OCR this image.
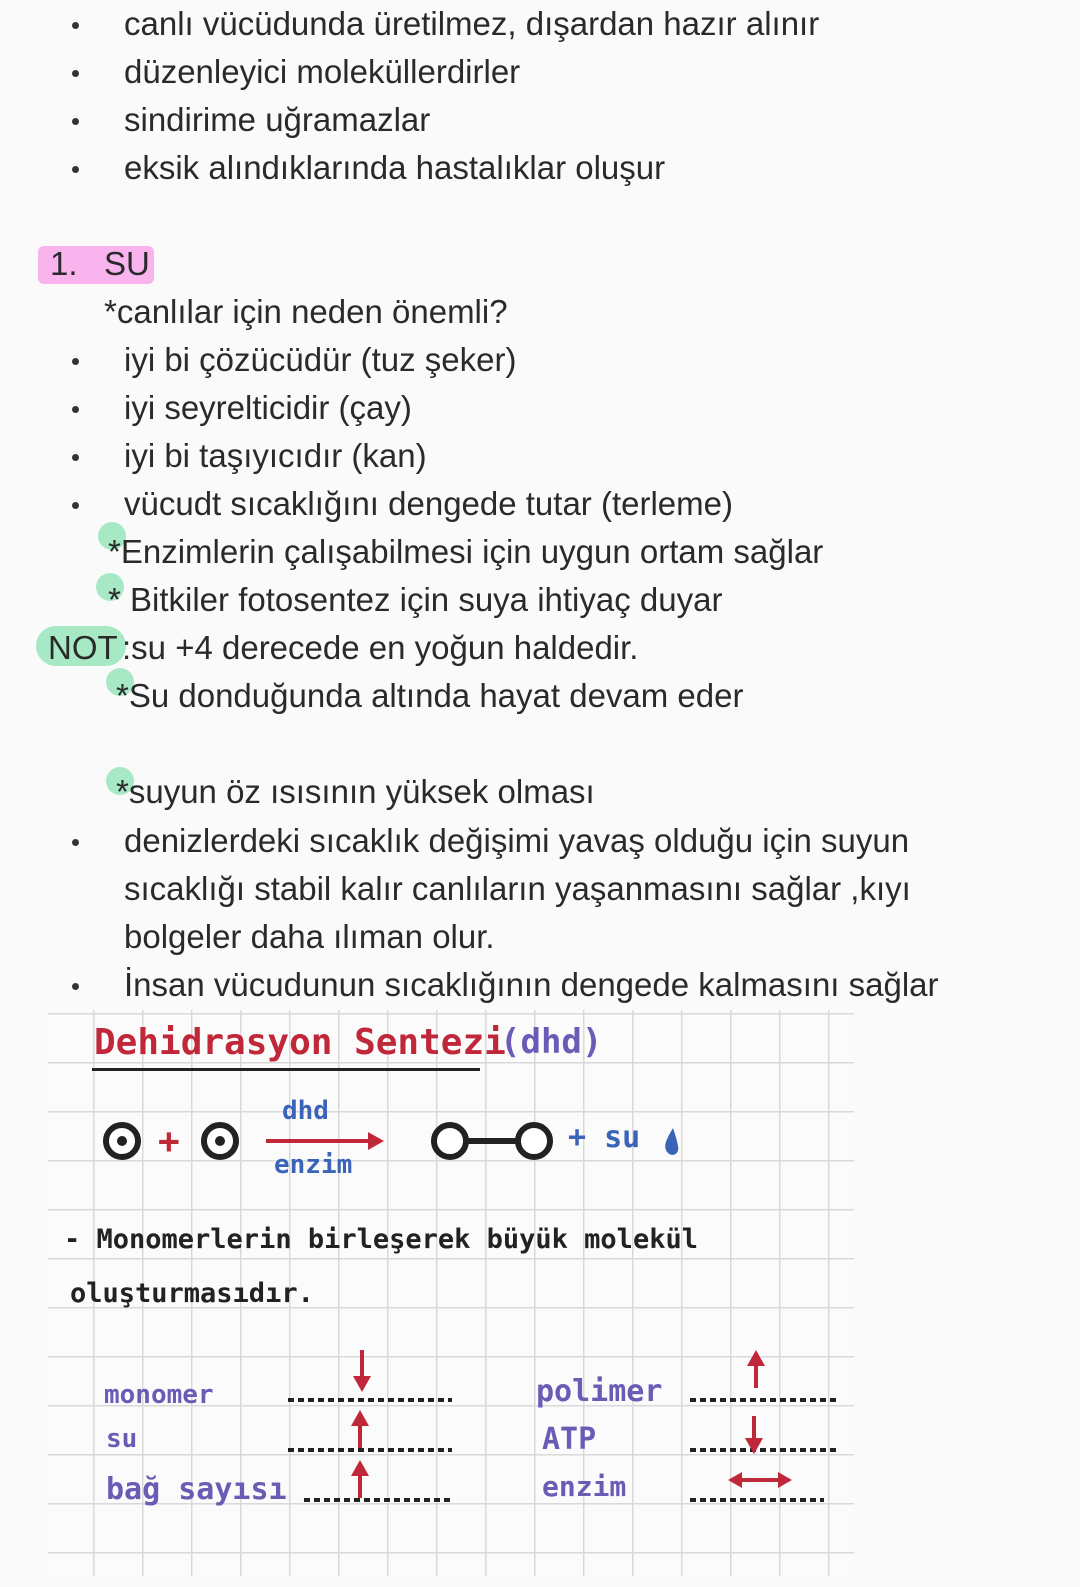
canlı vücüdunda üretilmez, dışardan hazır alınır
düzenleyici moleküllerdirler
sindirime uğramazlar
eksik alındıklarında hastalıklar oluşur
1. SU
*canlılar için neden önemli?
iyi bi çözücüdür (tuz şeker)
iyi seyrelticidir (çay)
iyi bi taşıyıcıdır (kan)
vücudt sıcaklığını dengede tutar (terleme)
*Enzimlerin çalışabilmesi için uygun ortam sağlar
* Bitkiler fotosentez için suya ihtiyaç duyar
NOT :su +4 derecede en yoğun haldedir.
*Su donduğunda altında hayat devam eder
*suyun öz ısısının yüksek olması
denizlerdeki sıcaklık değişimi yavaş olduğu için suyun
sıcaklığı stabil kalır canlıların yaşanmasını sağlar ,kıyı
bolgeler daha ılıman olur.
İnsan vücudunun sıcaklığının dengede kalmasını sağlar
Dehidrasyon Sentezi
(dhd)
+
dhd
enzim
+ su
- Monomerlerin birleşerek büyük molekül
oluşturmasıdır.
monomer
su
bağ sayısı
polimer
ATP
enzim
